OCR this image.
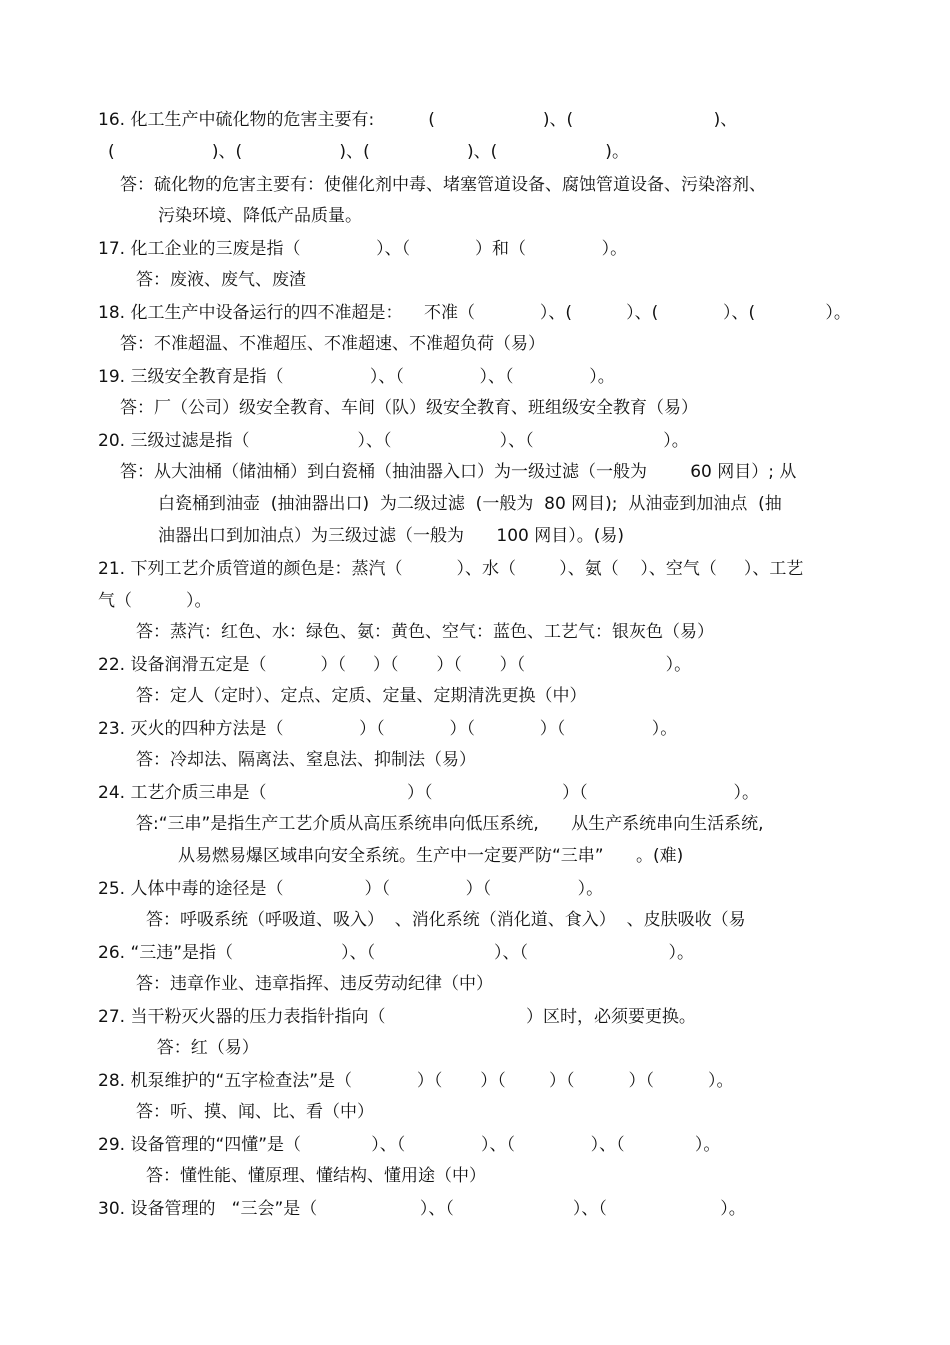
16. 化工生产中硫化物的危害主要有:          (                    )、(                          )、
(                  )、(                  )、(                  )、(                    )。
答：硫化物的危害主要有：使催化剂中毒、堵塞管道设备、腐蚀管道设备、污染溶剂、
污染环境、降低产品质量。
17. 化工企业的三废是指（              ）、（            ）和（              ）。
答：废液、废气、废渣
18. 化工生产中设备运行的四不准超是：    不准（            ）、(          ）、(            ）、(             ）。
答：不准超温、不准超压、不准超速、不准超负荷（易）
19. 三级安全教育是指（                ）、（              ）、（              ）。
答：厂（公司）级安全教育、车间（队）级安全教育、班组级安全教育（易）
20. 三级过滤是指（                    ）、（                    ）、（                        ）。
答：从大油桶（储油桶）到白瓷桶（抽油器入口）为一级过滤（一般为        60 网目）; 从
白瓷桶到油壶  (抽油器出口)  为二级过滤  (一般为  80 网目);  从油壶到加油点  (抽
油器出口到加油点）为三级过滤（一般为      100 网目）。(易)
21. 下列工艺介质管道的颜色是：蒸汽（          ）、水（        ）、氨（    ）、空气（     ）、工艺
气（          ）。
答：蒸汽：红色、水：绿色、氨：黄色、空气：蓝色、工艺气：银灰色（易）
22. 设备润滑五定是（          ）（     ）（       ）（       ）（                          ）。
答：定人（定时）、定点、定质、定量、定期清洗更换（中）
23. 灭火的四种方法是（              ）（            ）（            ）（                ）。
答：冷却法、隔离法、窒息法、抑制法（易）
24. 工艺介质三串是（                          ）（                        ）（                           ）。
答:“三串”是指生产工艺介质从高压系统串向低压系统,      从生产系统串向生活系统,
从易燃易爆区域串向安全系统。生产中一定要严防“三串”      。(难)
25. 人体中毒的途径是（               ）（              ）（                ）。
答：呼吸系统（呼吸道、吸入）  、消化系统（消化道、食入）  、皮肤吸收（易
26. “三违”是指（                    ）、（                      ）、（                          ）。
答：违章作业、违章指挥、违反劳动纪律（中）
27. 当干粉灭火器的压力表指针指向（                          ）区时，必须要更换。
答：红（易）
28. 机泵维护的“五字检查法”是（            ）（       ）（        ）（          ）（          ）。
答：听、摸、闻、比、看（中）
29. 设备管理的“四懂”是（             ）、（              ）、（              ）、（             ）。
答：懂性能、懂原理、懂结构、懂用途（中）
30. 设备管理的   “三会”是（                   ）、（                      ）、（                     ）。
